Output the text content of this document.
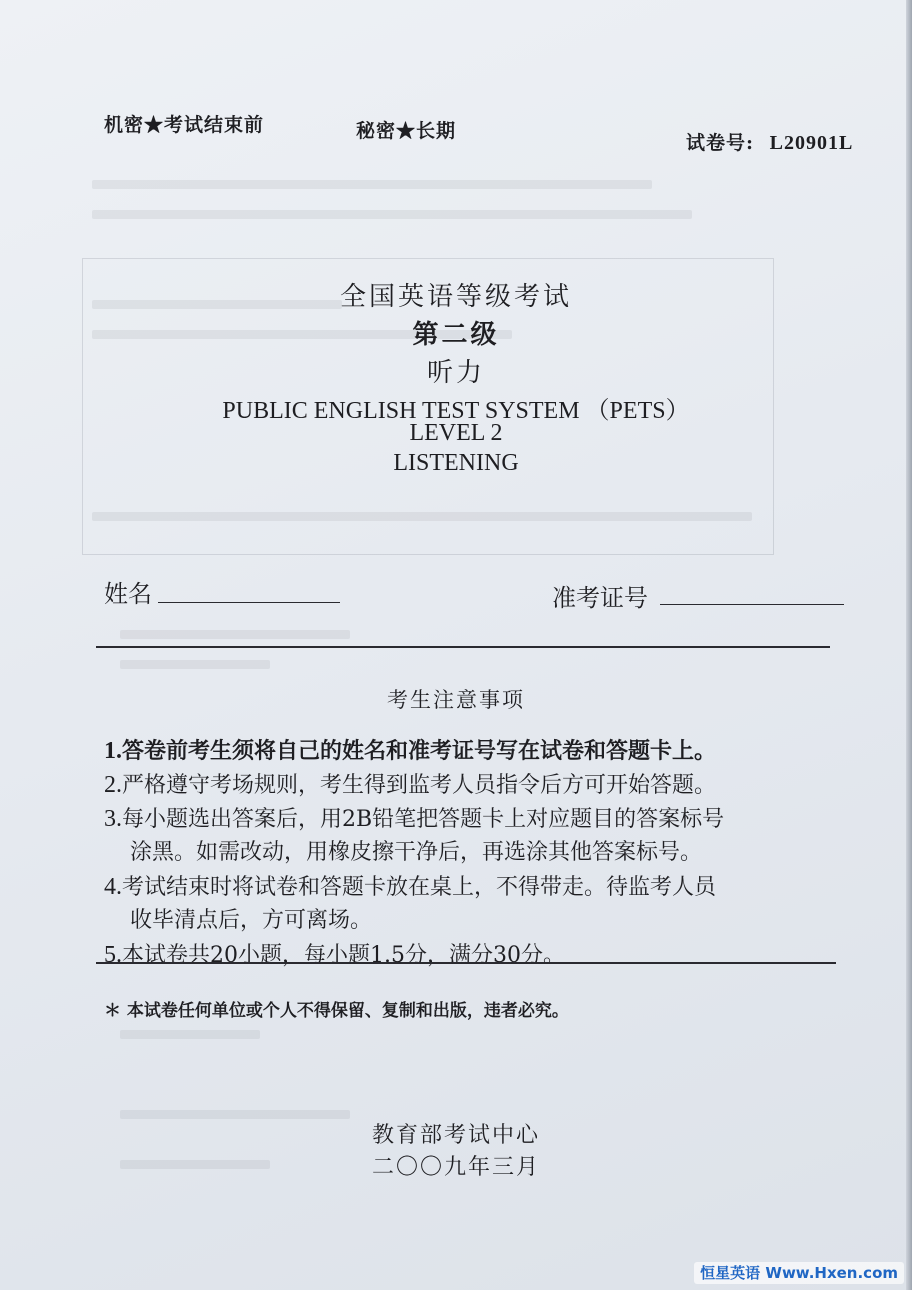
机密★考试结束前	秘密★长期
试卷号: L20901L
全国英语等级考试
第二级
听力
PUBLIC ENGLISH TEST SYSTEM （PETS）
LEVEL 2
LISTENING
姓名	准考证号
考生注意事项
1.答卷前考生须将自己的姓名和准考证号写在试卷和答题卡上。
2.严格遵守考场规则，考生得到监考人员指令后方可开始答题。
3.每小题选出答案后，用2B铅笔把答题卡上对应题目的答案标号
涂黑。如需改动，用橡皮擦干净后，再选涂其他答案标号。
4.考试结束时将试卷和答题卡放在桌上，不得带走。待监考人员
收毕清点后，方可离场。
5.本试卷共20小题，每小题1.5分，满分30分。
＊ 本试卷任何单位或个人不得保留、复制和出版，违者必究。
教育部考试中心
二〇〇九年三月
恒星英语 Www.Hxen.com
